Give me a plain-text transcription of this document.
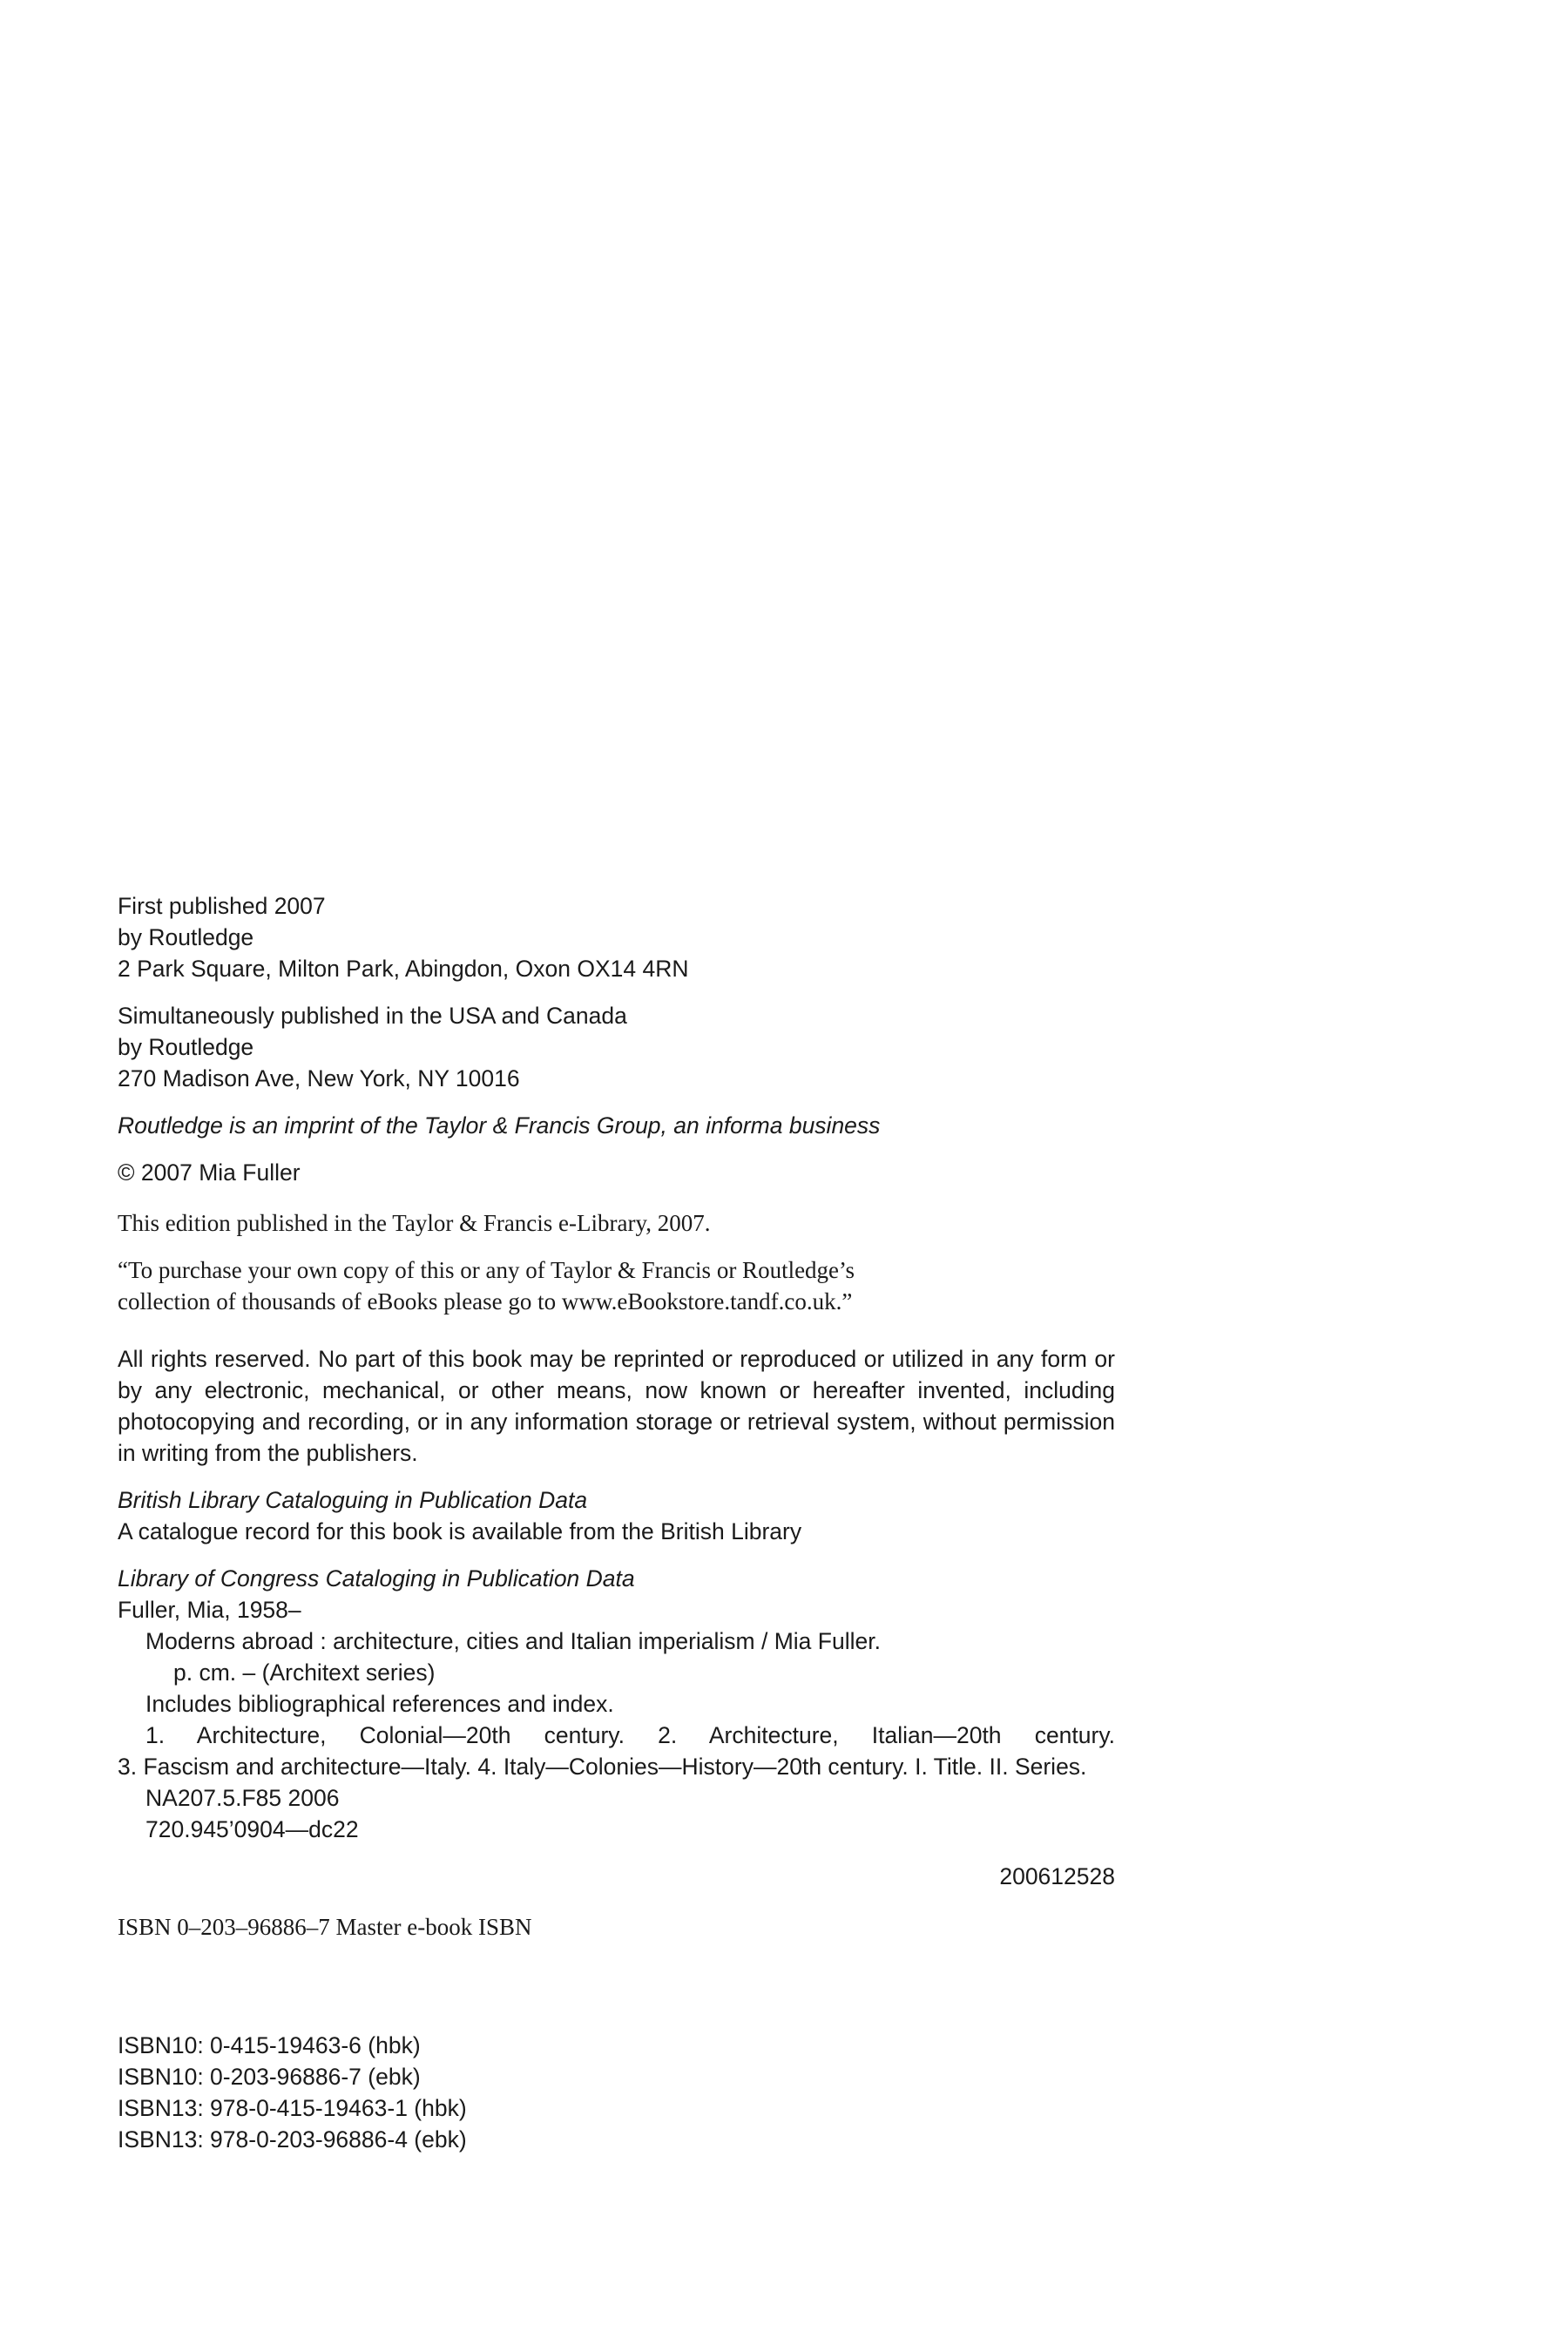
First published 2007
by Routledge
2 Park Square, Milton Park, Abingdon, Oxon OX14 4RN
Simultaneously published in the USA and Canada
by Routledge
270 Madison Ave, New York, NY 10016
Routledge is an imprint of the Taylor & Francis Group, an informa business
© 2007 Mia Fuller
This edition published in the Taylor & Francis e-Library, 2007.
“To purchase your own copy of this or any of Taylor & Francis or Routledge’s
collection of thousands of eBooks please go to www.eBookstore.tandf.co.uk.”
All rights reserved. No part of this book may be reprinted or reproduced or utilized in any form or by any electronic, mechanical, or other means, now known or hereafter invented, including photocopying and recording, or in any information storage or retrieval system, without permission in writing from the publishers.
British Library Cataloguing in Publication Data
A catalogue record for this book is available from the British Library
Library of Congress Cataloging in Publication Data
Fuller, Mia, 1958–
Moderns abroad : architecture, cities and Italian imperialism / Mia Fuller.
p. cm. – (Architext series)
Includes bibliographical references and index.
1. Architecture, Colonial—20th century. 2. Architecture, Italian—20th century.
3. Fascism and architecture—Italy. 4. Italy—Colonies—History—20th century. I. Title. II. Series.
NA207.5.F85 2006
720.945’0904—dc22
200612528
ISBN 0–203–96886–7 Master e-book ISBN
ISBN10: 0-415-19463-6 (hbk)
ISBN10: 0-203-96886-7 (ebk)
ISBN13: 978-0-415-19463-1 (hbk)
ISBN13: 978-0-203-96886-4 (ebk)
